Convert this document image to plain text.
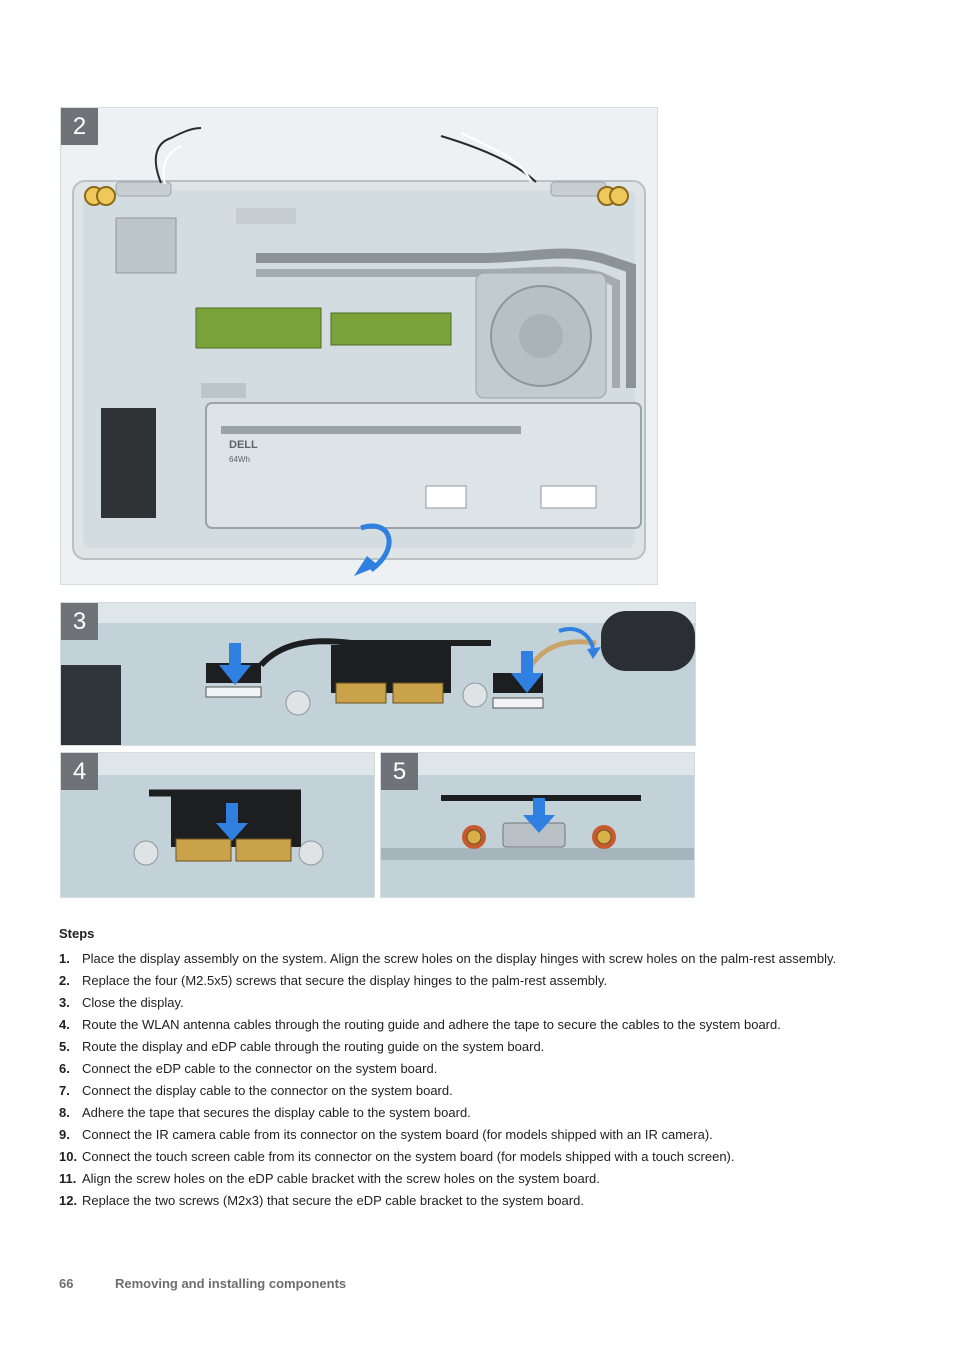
DELL
64Wh
2
3
4	5
Steps
1. Place the display assembly on the system. Align the screw holes on the display hinges with screw holes on the palm-rest assembly.
2. Replace the four (M2.5x5) screws that secure the display hinges to the palm-rest assembly.
3. Close the display.
4. Route the WLAN antenna cables through the routing guide and adhere the tape to secure the cables to the system board.
5. Route the display and eDP cable through the routing guide on the system board.
6. Connect the eDP cable to the connector on the system board.
7. Connect the display cable to the connector on the system board.
8. Adhere the tape that secures the display cable to the system board.
9. Connect the IR camera cable from its connector on the system board (for models shipped with an IR camera).
10. Connect the touch screen cable from its connector on the system board (for models shipped with a touch screen).
11. Align the screw holes on the eDP cable bracket with the screw holes on the system board.
12. Replace the two screws (M2x3) that secure the eDP cable bracket to the system board.
66	Removing and installing components
